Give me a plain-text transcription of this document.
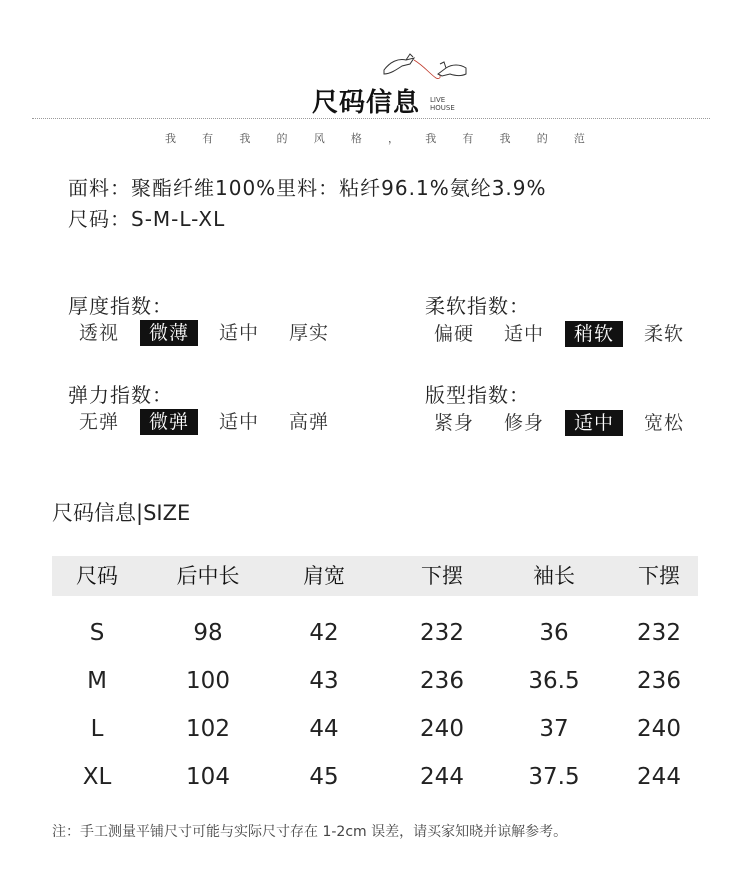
尺码信息 LIVE
HOUSE
我 有 我 的 风 格 ， 我 有 我 的 范
面料：聚酯纤维100%里料：粘纤96.1%氨纶3.9%
尺码：S-M-L-XL
厚度指数：
透视	微薄	适中	厚实
柔软指数：
偏硬	适中	稍软	柔软
弹力指数：
无弹	微弹	适中	高弹
版型指数：
紧身	修身	适中	宽松
尺码信息|SIZE
尺码	后中长	肩宽	下摆	袖长	下摆
S	98	42	232	36	232
M	100	43	236	36.5	236
L	102	44	240	37	240
XL	104	45	244	37.5	244
注：手工测量平铺尺寸可能与实际尺寸存在 1-2cm 误差，请买家知晓并谅解参考。
